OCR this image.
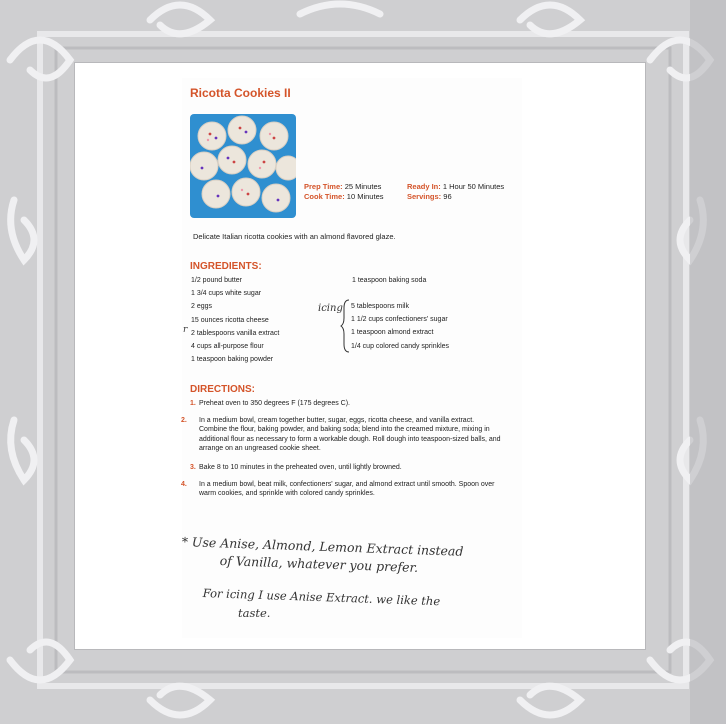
Ricotta Cookies II
Prep Time: 25 Minutes
Cook Time: 10 Minutes
Ready In: 1 Hour 50 Minutes
Servings: 96
Delicate Italian ricotta cookies with an almond flavored glaze.
INGREDIENTS:
1/2 pound butter
1 3/4 cups white sugar
2 eggs
15 ounces ricotta cheese
2 tablespoons vanilla extract
4 cups all-purpose flour
1 teaspoon baking powder
1 teaspoon baking soda
5 tablespoons milk
1 1/2 cups confectioners' sugar
1 teaspoon almond extract
1/4 cup colored candy sprinkles
icing
r
DIRECTIONS:
1. Preheat oven to 350 degrees F (175 degrees C).
2. In a medium bowl, cream together butter, sugar, eggs, ricotta cheese, and vanilla extract. Combine the flour, baking powder, and baking soda; blend into the creamed mixture, mixing in additional flour as necessary to form a workable dough. Roll dough into teaspoon-sized balls, and arrange on an ungreased cookie sheet.
3. Bake 8 to 10 minutes in the preheated oven, until lightly browned.
4. In a medium bowl, beat milk, confectioners' sugar, and almond extract until smooth. Spoon over warm cookies, and sprinkle with colored candy sprinkles.
* Use Anise, Almond, Lemon Extract instead
of Vanilla, whatever you prefer.
For icing I use Anise Extract. we like the
taste.
